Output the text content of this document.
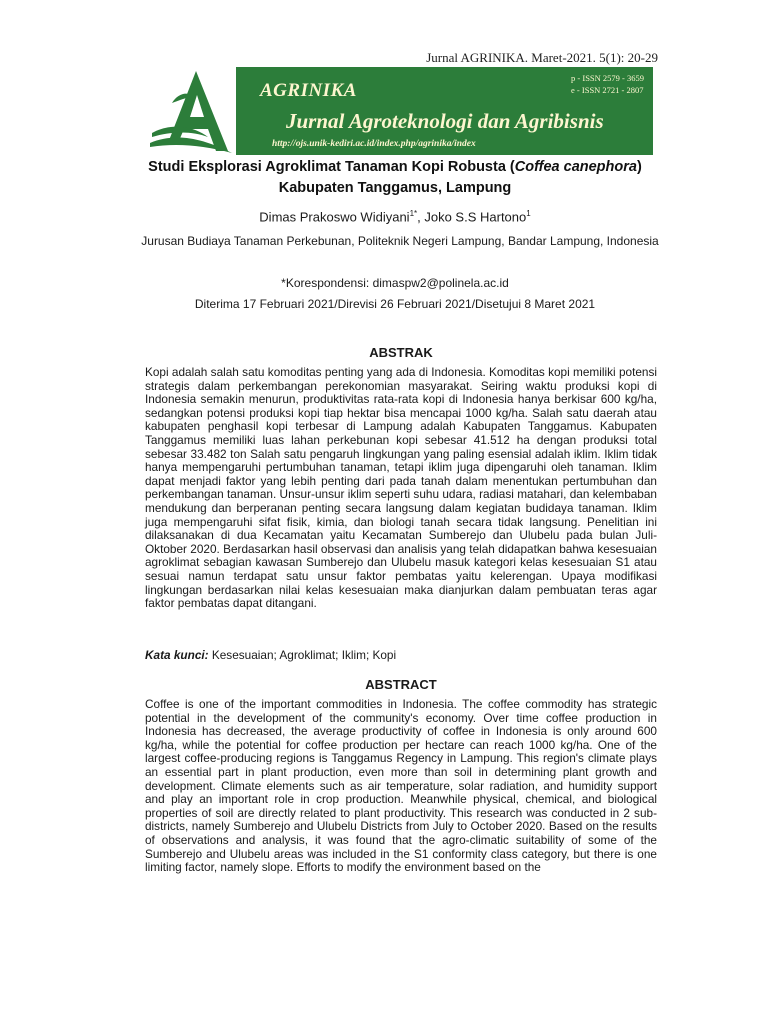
Jurnal AGRINIKA. Maret-2021. 5(1): 20-29
AGRINIKA
Jurnal Agroteknologi dan Agribisnis
http://ojs.unik-kediri.ac.id/index.php/agrinika/index
p - ISSN 2579 - 3659
e - ISSN 2721 - 2807
Studi Eksplorasi Agroklimat Tanaman Kopi Robusta (Coffea canephora)
Kabupaten Tanggamus, Lampung
Dimas Prakoswo Widiyani$^{1*}$, Joko S.S Hartono$^1$
Jurusan Budiaya Tanaman Perkebunan, Politeknik Negeri Lampung, Bandar Lampung, Indonesia
*Korespondensi: dimaspw2@polinela.ac.id
Diterima 17 Februari 2021/Direvisi 26 Februari 2021/Disetujui 8 Maret 2021
ABSTRAK
Kopi adalah salah satu komoditas penting yang ada di Indonesia. Komoditas kopi memiliki potensi strategis dalam perkembangan perekonomian masyarakat. Seiring waktu produksi kopi di Indonesia semakin menurun, produktivitas rata-rata kopi di Indonesia hanya berkisar 600 kg/ha, sedangkan potensi produksi kopi tiap hektar bisa mencapai 1000 kg/ha. Salah satu daerah atau kabupaten penghasil kopi terbesar di Lampung adalah Kabupaten Tanggamus. Kabupaten Tanggamus memiliki luas lahan perkebunan kopi sebesar 41.512 ha dengan produksi total sebesar 33.482 ton Salah satu pengaruh lingkungan yang paling esensial adalah iklim. Iklim tidak hanya mempengaruhi pertumbuhan tanaman, tetapi iklim juga dipengaruhi oleh tanaman. Iklim dapat menjadi faktor yang lebih penting dari pada tanah dalam menentukan pertumbuhan dan perkembangan tanaman. Unsur-unsur iklim seperti suhu udara, radiasi matahari, dan kelembaban mendukung dan berperanan penting secara langsung dalam kegiatan budidaya tanaman. Iklim juga mempengaruhi sifat fisik, kimia, dan biologi tanah secara tidak langsung. Penelitian ini dilaksanakan di dua Kecamatan yaitu Kecamatan Sumberejo dan Ulubelu pada bulan Juli-Oktober 2020. Berdasarkan hasil observasi dan analisis yang telah didapatkan bahwa kesesuaian agroklimat sebagian kawasan Sumberejo dan Ulubelu masuk kategori kelas kesesuaian S1 atau sesuai namun terdapat satu unsur faktor pembatas yaitu kelerengan. Upaya modifikasi lingkungan berdasarkan nilai kelas kesesuaian maka dianjurkan dalam pembuatan teras agar faktor pembatas dapat ditangani.
Kata kunci: Kesesuaian; Agroklimat; Iklim; Kopi
ABSTRACT
Coffee is one of the important commodities in Indonesia. The coffee commodity has strategic potential in the development of the community's economy. Over time coffee production in Indonesia has decreased, the average productivity of coffee in Indonesia is only around 600 kg/ha, while the potential for coffee production per hectare can reach 1000 kg/ha. One of the largest coffee-producing regions is Tanggamus Regency in Lampung. This region's climate plays an essential part in plant production, even more than soil in determining plant growth and development. Climate elements such as air temperature, solar radiation, and humidity support and play an important role in crop production. Meanwhile physical, chemical, and biological properties of soil are directly related to plant productivity. This research was conducted in 2 sub-districts, namely Sumberejo and Ulubelu Districts from July to October 2020. Based on the results of observations and analysis, it was found that the agro-climatic suitability of some of the Sumberejo and Ulubelu areas was included in the S1 conformity class category, but there is one limiting factor, namely slope. Efforts to modify the environment based on the
